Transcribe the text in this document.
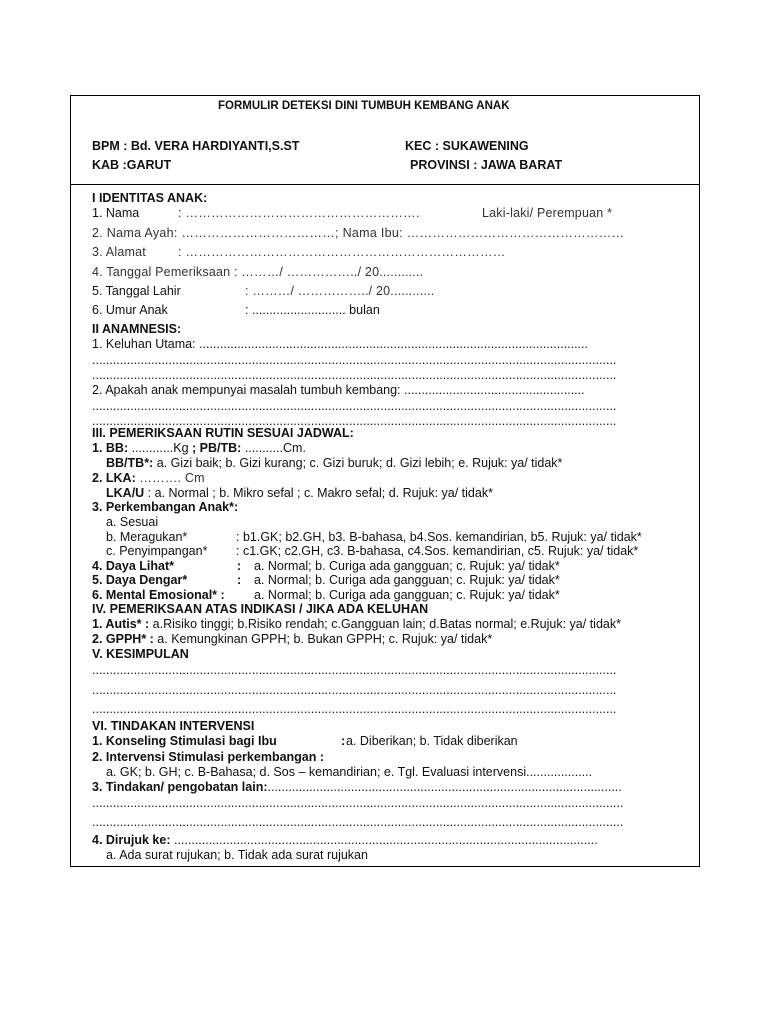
FORMULIR DETEKSI DINI TUMBUH KEMBANG ANAK
BPM : Bd. VERA HARDIYANTI,S.ST	KEC : SUKAWENING
KAB :GARUT	PROVINSI : JAWA BARAT
I IDENTITAS ANAK:
1. Nama	: ……………………………………………….	Laki-laki/ Perempuan *
2. Nama Ayah: ………………………………; Nama Ibu: ……………………………………………
3. Alamat	: …………………………………………………………………
4. Tanggal Pemeriksaan : ………/ ……………../ 20............
5. Tanggal Lahir	: ………/ ……………../ 20............
6. Umur Anak	: ........................... bulan
II ANAMNESIS:
1. Keluhan Utama: ................................................................................................................
.......................................................................................................................................................
.......................................................................................................................................................
2. Apakah anak mempunyai masalah tumbuh kembang: ....................................................
.......................................................................................................................................................
.......................................................................................................................................................
III. PEMERIKSAAN RUTIN SESUAI JADWAL:
1. BB: ............Kg ; PB/TB: ...........Cm.
BB/TB*: a. Gizi baik; b. Gizi kurang; c. Gizi buruk; d. Gizi lebih; e. Rujuk: ya/ tidak*
2. LKA: ………. Cm
LKA/U : a. Normal ; b. Mikro sefal ; c. Makro sefal; d. Rujuk: ya/ tidak*
3. Perkembangan Anak*:
a. Sesuai
b. Meragukan*	: b1.GK; b2.GH, b3. B-bahasa, b4.Sos. kemandirian, b5. Rujuk: ya/ tidak*
c. Penyimpangan* : c1.GK; c2.GH, c3. B-bahasa, c4.Sos. kemandirian, c5. Rujuk: ya/ tidak*
4. Daya Lihat*	: a. Normal; b. Curiga ada gangguan; c. Rujuk: ya/ tidak*
5. Daya Dengar*	: a. Normal; b. Curiga ada gangguan; c. Rujuk: ya/ tidak*
6. Mental Emosional* : a. Normal; b. Curiga ada gangguan; c. Rujuk: ya/ tidak*
IV. PEMERIKSAAN ATAS INDIKASI / JIKA ADA KELUHAN
1. Autis* : a.Risiko tinggi; b.Risiko rendah; c.Gangguan lain; d.Batas normal; e.Rujuk: ya/ tidak*
2. GPPH* : a. Kemungkinan GPPH; b. Bukan GPPH; c. Rujuk: ya/ tidak*
V. KESIMPULAN
.......................................................................................................................................................
.......................................................................................................................................................
.......................................................................................................................................................
VI. TINDAKAN INTERVENSI
1. Konseling Stimulasi bagi Ibu	: a. Diberikan; b. Tidak diberikan
2. Intervensi Stimulasi perkembangan :
a. GK; b. GH; c. B-Bahasa; d. Sos – kemandirian; e. Tgl. Evaluasi intervensi...................
3. Tindakan/ pengobatan lain:......................................................................................................
.........................................................................................................................................................
.........................................................................................................................................................
4. Dirujuk ke: ..........................................................................................................................
a. Ada surat rujukan; b. Tidak ada surat rujukan
